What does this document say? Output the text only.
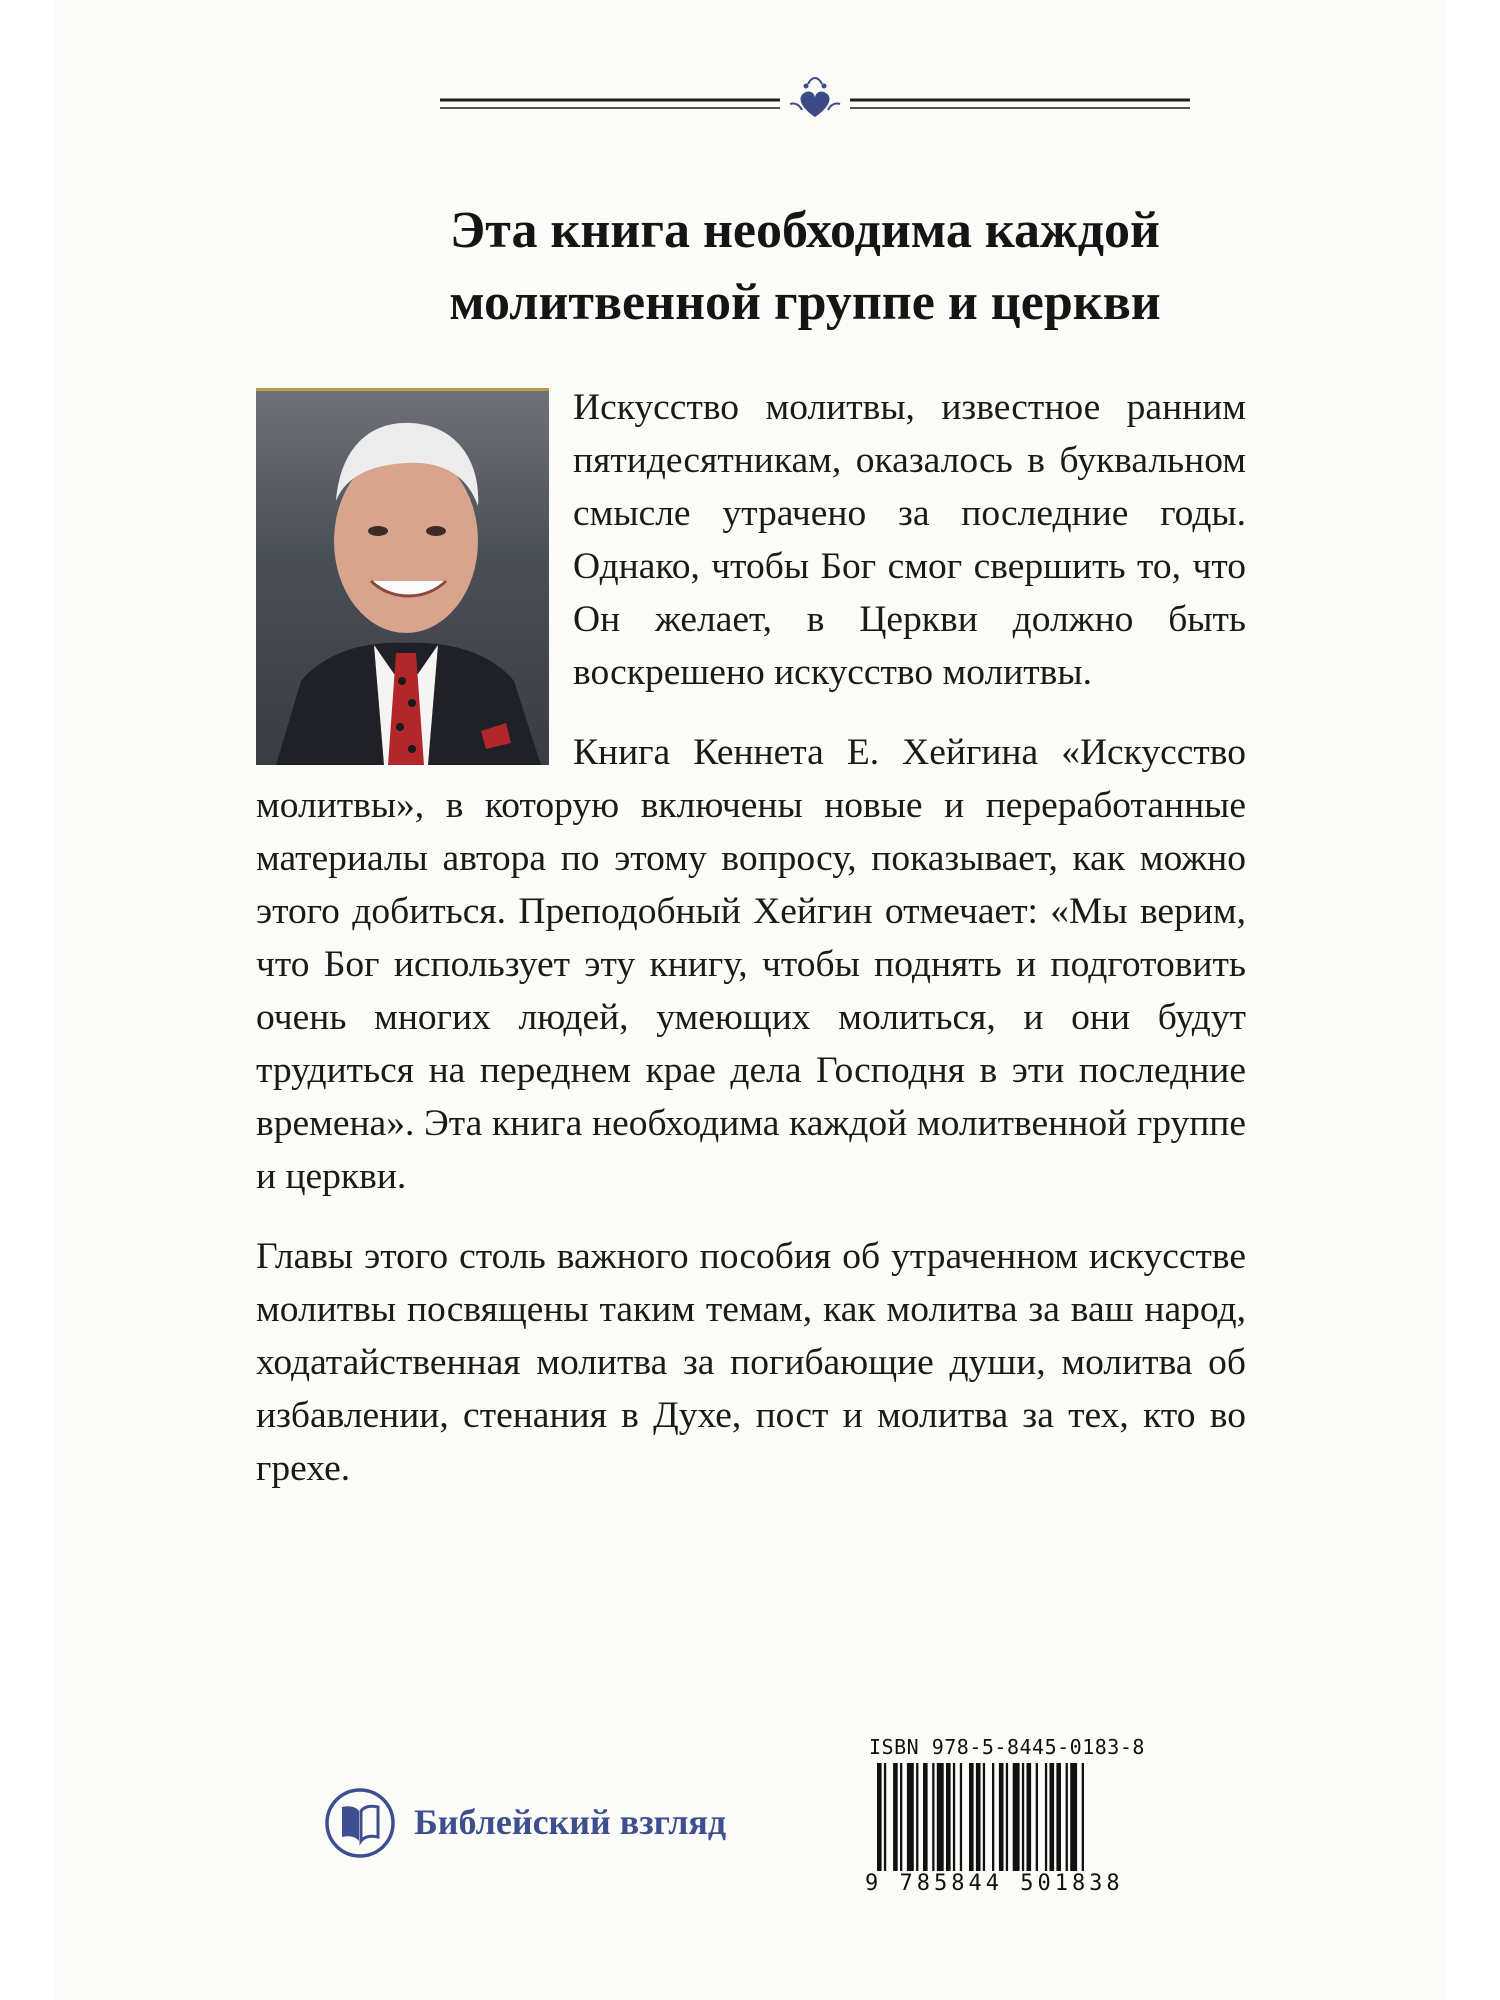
Эта книга необходима каждой
молитвенной группе и церкви

Искусство молитвы, известное ранним пятидесятникам, оказалось в буквальном смысле утрачено за последние годы. Однако, чтобы Бог смог свершить то, что Он желает, в Церкви должно быть воскрешено искусство молитвы.

Книга Кеннета Е. Хейгина «Искусство молитвы», в которую включены новые и переработанные материалы автора по этому вопросу, показывает, как можно этого добиться. Преподобный Хейгин отмечает: «Мы верим, что Бог использует эту книгу, чтобы поднять и подготовить очень многих людей, умеющих молиться, и они будут трудиться на переднем крае дела Господня в эти последние времена». Эта книга необходима каждой молитвенной группе и церкви.

Главы этого столь важного пособия об утраченном искусстве молитвы посвящены таким темам, как молитва за ваш народ, ходатайственная молитва за погибающие души, молитва об избавлении, стенания в Духе, пост и молитва за тех, кто во грехе.

Библейский взгляд
ISBN 978-5-8445-0183-8
9 785844 501838
